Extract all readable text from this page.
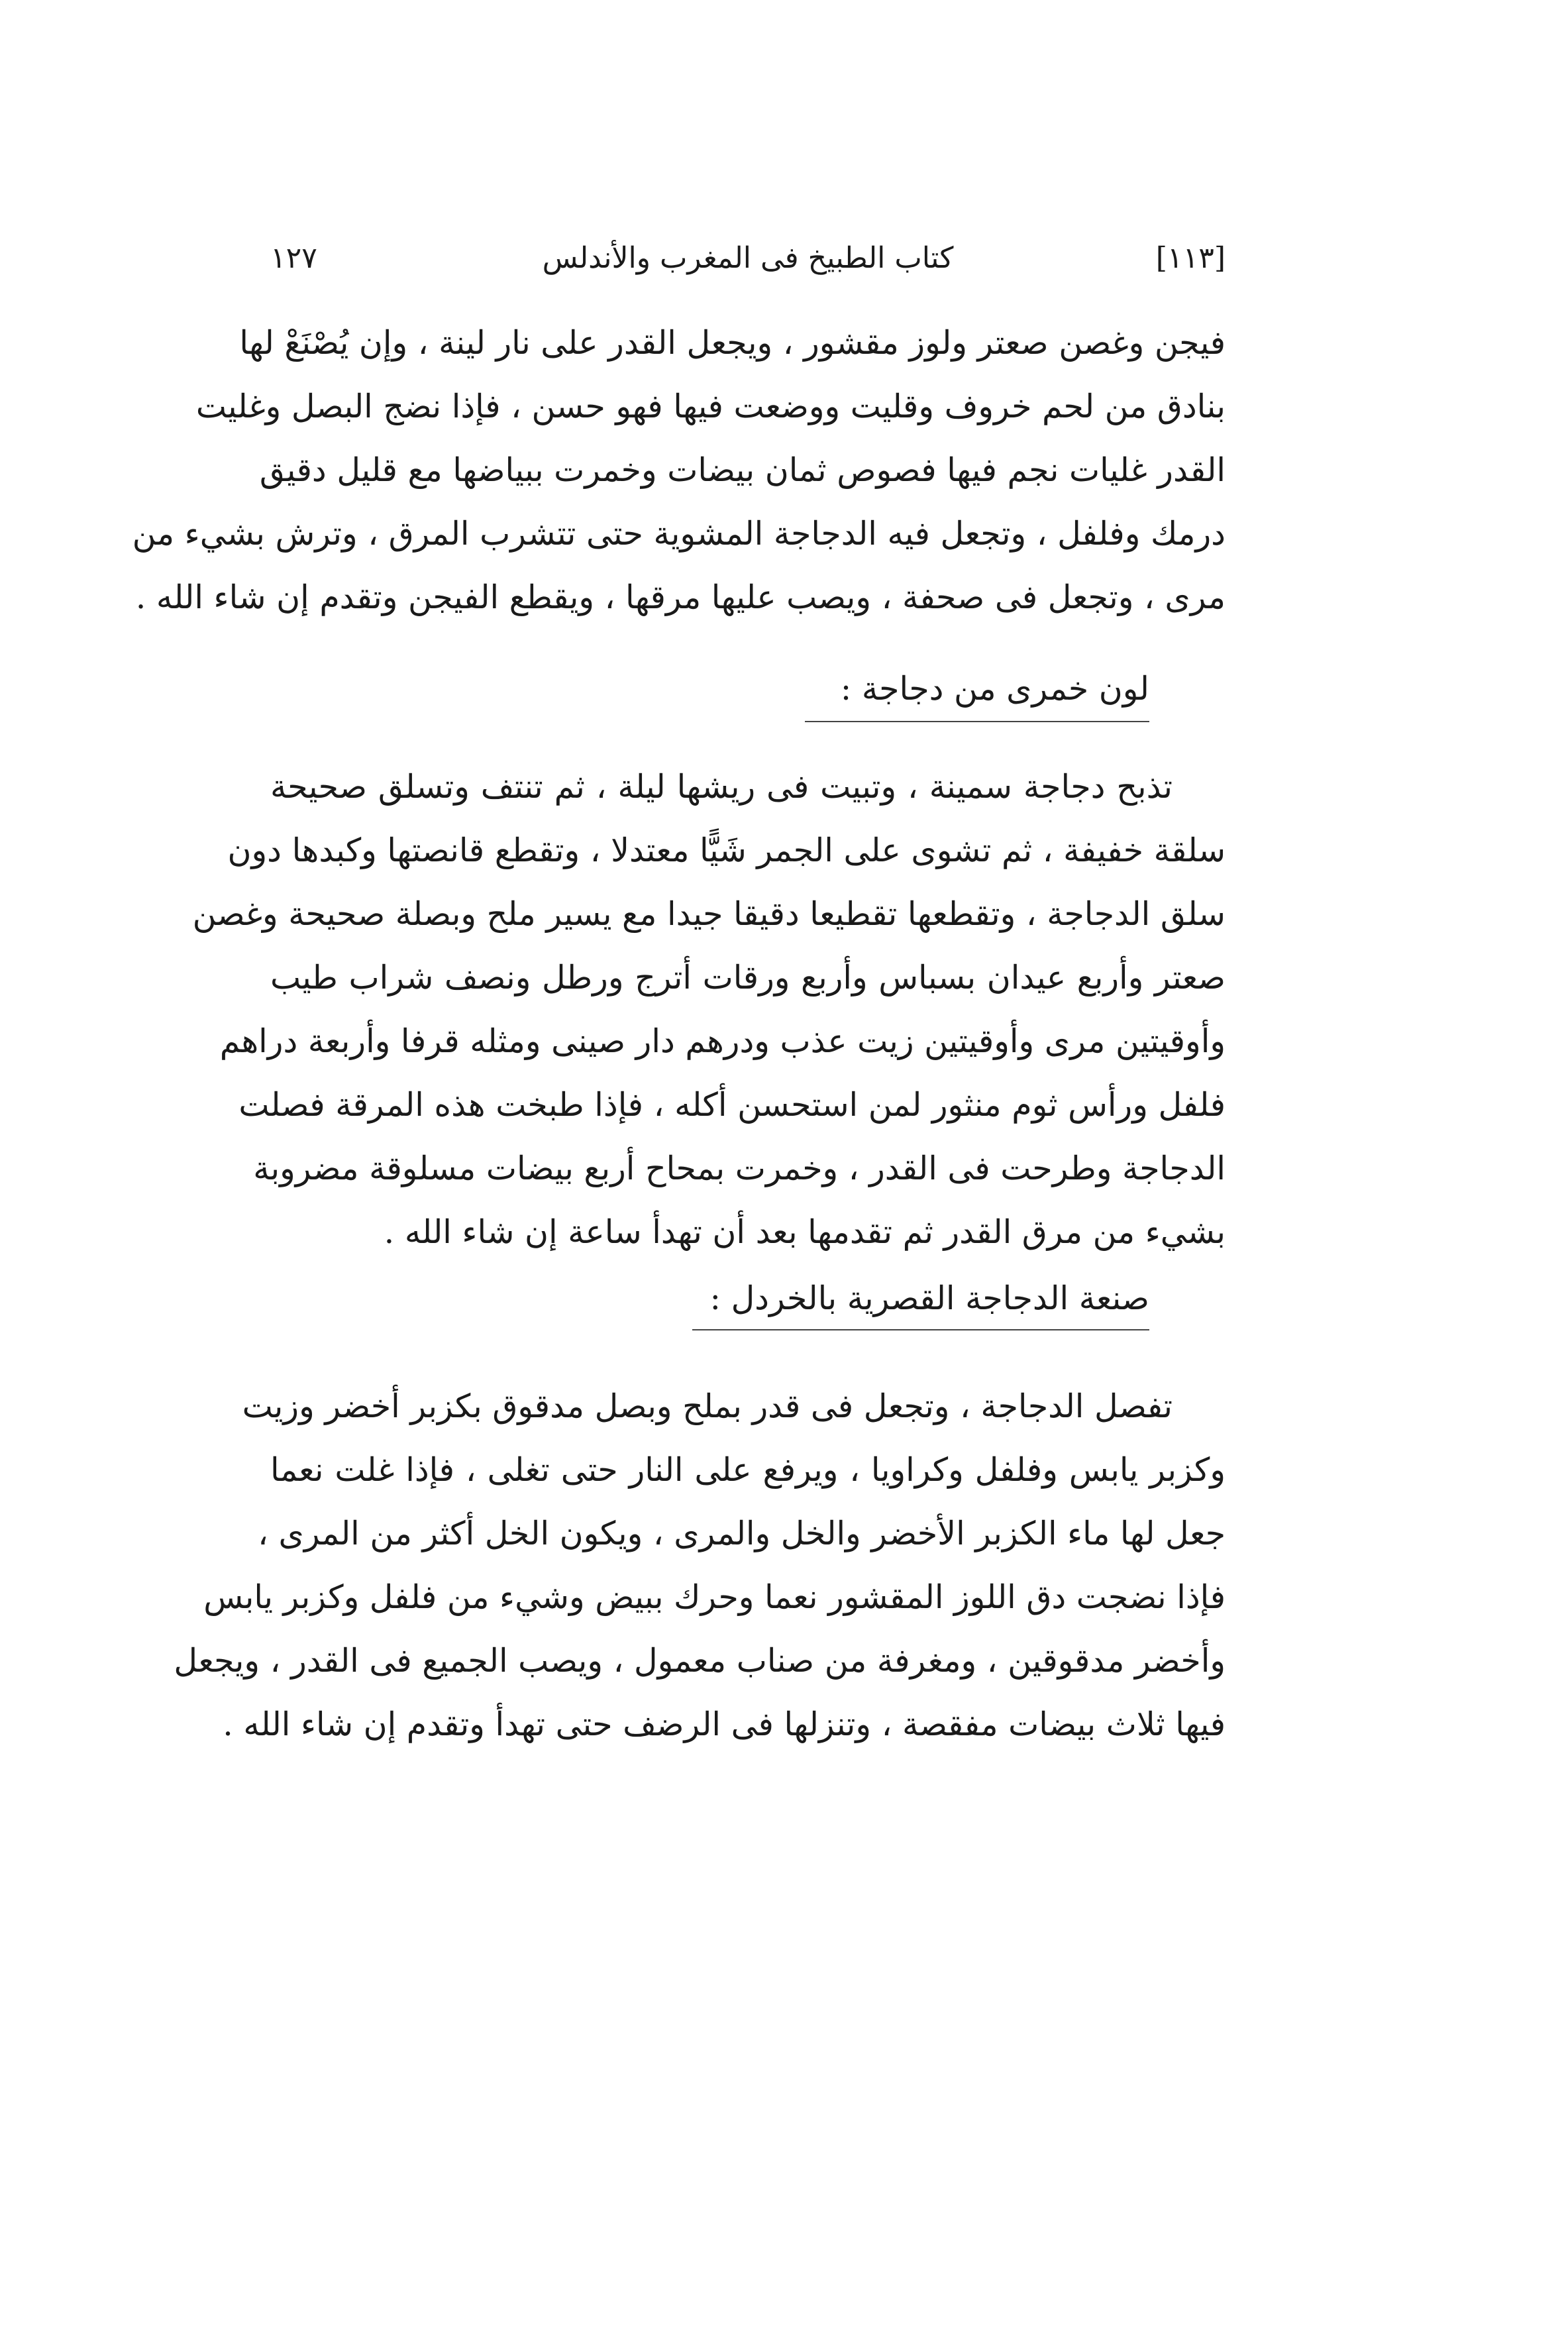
١٢٧	كتاب الطبيخ فى المغرب والأندلس	[١١٣]
فيجن وغصن صعتر ولوز مقشور ، ويجعل القدر على نار لينة ، وإن يُصْنَعْ لها
بنادق من لحم خروف وقليت ووضعت فيها فهو حسن ، فإذا نضج البصل وغليت
القدر غليات نجم فيها فصوص ثمان بيضات وخمرت ببياضها مع قليل دقيق
درمك وفلفل ، وتجعل فيه الدجاجة المشوية حتى تتشرب المرق ، وترش بشيء من
مرى ، وتجعل فى صحفة ، ويصب عليها مرقها ، ويقطع الفيجن وتقدم إن شاء الله .
لون خمرى من دجاجة :
تذبح دجاجة سمينة ، وتبيت فى ريشها ليلة ، ثم تنتف وتسلق صحيحة
سلقة خفيفة ، ثم تشوى على الجمر شَيًّا معتدلا ، وتقطع قانصتها وكبدها دون
سلق الدجاجة ، وتقطعها تقطيعا دقيقا جيدا مع يسير ملح وبصلة صحيحة وغصن
صعتر وأربع عيدان بسباس وأربع ورقات أترج ورطل ونصف شراب طيب
وأوقيتين مرى وأوقيتين زيت عذب ودرهم دار صينى ومثله قرفا وأربعة دراهم
فلفل ورأس ثوم منثور لمن استحسن أكله ، فإذا طبخت هذه المرقة فصلت
الدجاجة وطرحت فى القدر ، وخمرت بمحاح أربع بيضات مسلوقة مضروبة
بشيء من مرق القدر ثم تقدمها بعد أن تهدأ ساعة إن شاء الله .
صنعة الدجاجة القصرية بالخردل :
تفصل الدجاجة ، وتجعل فى قدر بملح وبصل مدقوق بكزبر أخضر وزيت
وكزبر يابس وفلفل وكراويا ، ويرفع على النار حتى تغلى ، فإذا غلت نعما
جعل لها ماء الكزبر الأخضر والخل والمرى ، ويكون الخل أكثر من المرى ،
فإذا نضجت دق اللوز المقشور نعما وحرك ببيض وشيء من فلفل وكزبر يابس
وأخضر مدقوقين ، ومغرفة من صناب معمول ، ويصب الجميع فى القدر ، ويجعل
فيها ثلاث بيضات مفقصة ، وتنزلها فى الرضف حتى تهدأ وتقدم إن شاء الله .
